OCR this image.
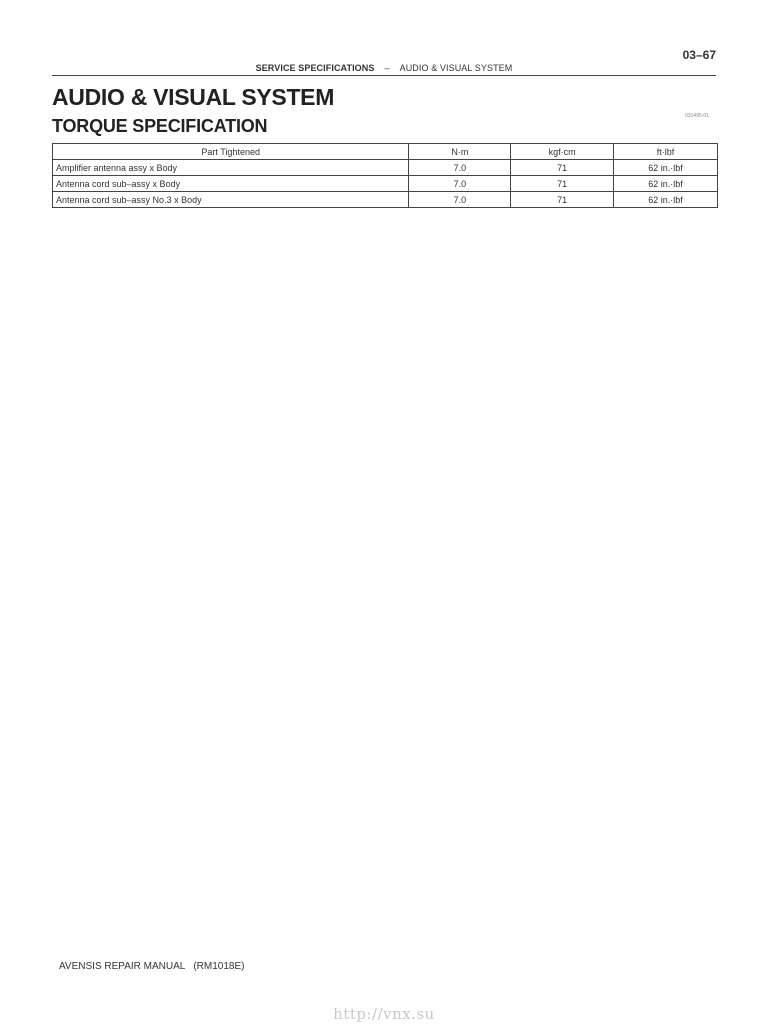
03–67
SERVICE SPECIFICATIONS – AUDIO & VISUAL SYSTEM
AUDIO & VISUAL SYSTEM
TORQUE SPECIFICATION	031495-01
Part Tightened	N·m	kgf·cm	ft·lbf
Amplifier antenna assy x Body	7.0	71	62 in.·lbf
Antenna cord sub–assy x Body	7.0	71	62 in.·lbf
Antenna cord sub–assy No.3 x Body	7.0	71	62 in.·lbf
AVENSIS REPAIR MANUAL (RM1018E)
http://vnx.su
